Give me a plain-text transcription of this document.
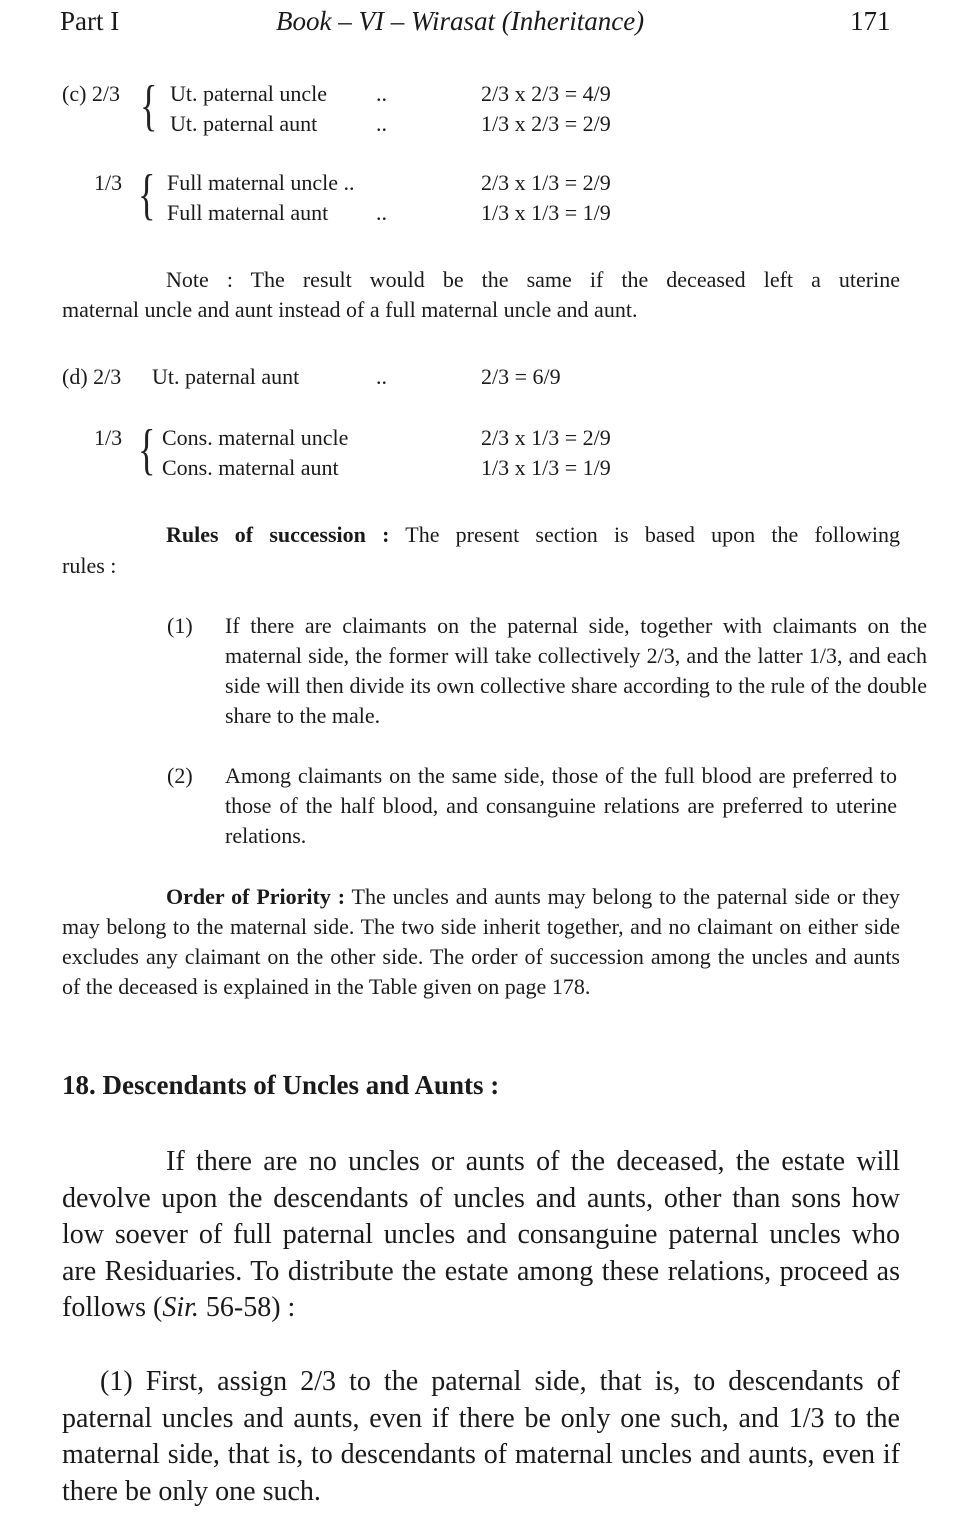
Part I	Book – VI – Wirasat (Inheritance)	171
(c) 2/3 { Ut. paternal uncle ..	2/3 x 2/3 = 4/9
Ut. paternal aunt	..	1/3 x 2/3 = 2/9
1/3 { Full maternal uncle ..	2/3 x 1/3 = 2/9
Full maternal aunt ..	1/3 x 1/3 = 1/9
Note : The result would be the same if the deceased left a uterine
maternal uncle and aunt instead of a full maternal uncle and aunt.
(d) 2/3 Ut. paternal aunt	..	2/3 = 6/9
1/3 { Cons. maternal uncle	2/3 x 1/3 = 2/9
Cons. maternal aunt	1/3 x 1/3 = 1/9
Rules of succession : The present section is based upon the following
rules :
(1) If there are claimants on the paternal side, together with claimants on the maternal side, the former will take collectively 2/3, and the latter 1/3, and each side will then divide its own collective share according to the rule of the double share to the male.
(2) Among claimants on the same side, those of the full blood are preferred to those of the half blood, and consanguine relations are preferred to uterine relations.
Order of Priority : The uncles and aunts may belong to the paternal side or they may belong to the maternal side. The two side inherit together, and no claimant on either side excludes any claimant on the other side. The order of succession among the uncles and aunts of the deceased is explained in the Table given on page 178.
18. Descendants of Uncles and Aunts :
If there are no uncles or aunts of the deceased, the estate will devolve upon the descendants of uncles and aunts, other than sons how low soever of full paternal uncles and consanguine paternal uncles who are Residuaries. To distribute the estate among these relations, proceed as follows (Sir. 56-58) :
(1) First, assign 2/3 to the paternal side, that is, to descendants of paternal uncles and aunts, even if there be only one such, and 1/3 to the maternal side, that is, to descendants of maternal uncles and aunts, even if there be only one such.
